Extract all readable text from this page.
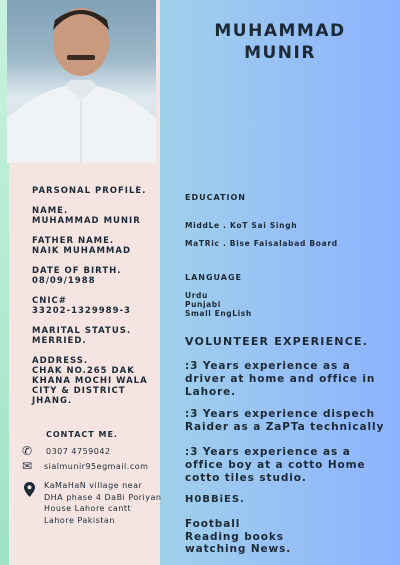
MUHAMMAD
MUNIR
PARSONAL PROFILE.
NAME.
MUHAMMAD MUNIR
FATHER NAME.
NAIK MUHAMMAD
DATE OF BIRTH.
08/09/1988
CNIC#
33202-1329989-3
MARITAL STATUS.
MERRIED.
ADDRESS.
CHAK NO.265 DAK
KHANA MOCHI WALA
CITY & DISTRICT
JHANG.
CONTACT ME.
✆ 0307 4759042
✉ sialmunir95egmail.com
KaMaHaN village near
DHA phase 4 DaBi Poriyan
House Lahore cantt
Lahore Pakistan
EDUCATION
MiddLe . KoT Sai Singh
MaTRic . Bise Faisalabad Board
LANGUAGE
Urdu
Punjabi
Small EngLish
VOLUNTEER EXPERIENCE.
:3 Years experience as a
driver at home and office in
Lahore.
:3 Years experience dispech
Raider as a ZaPTa technically
:3 Years experience as a
office boy at a cotto Home
cotto tiles studio.
H0BBiES.
Football
Reading books
watching News.
